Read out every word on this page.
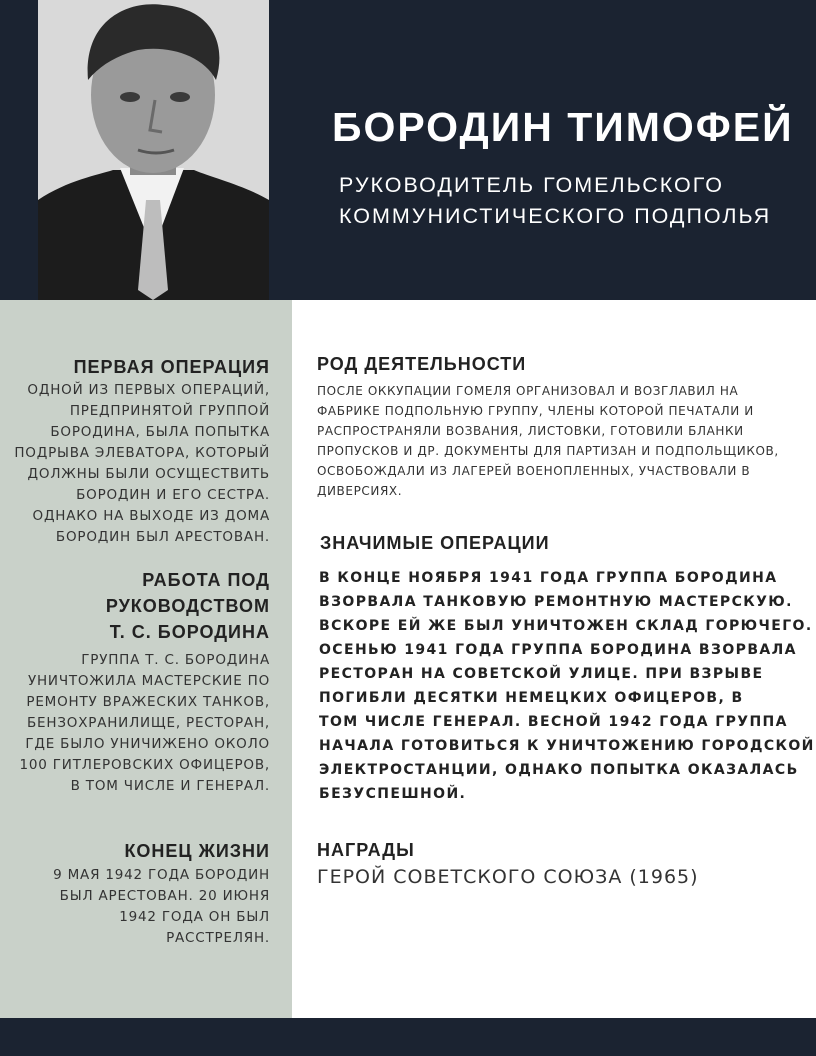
БОРОДИН ТИМОФЕЙ

РУКОВОДИТЕЛЬ ГОМЕЛЬСКОГО
КОММУНИСТИЧЕСКОГО ПОДПОЛЬЯ

ПЕРВАЯ ОПЕРАЦИЯ

ОДНОЙ ИЗ ПЕРВЫХ ОПЕРАЦИЙ,
ПРЕДПРИНЯТОЙ ГРУППОЙ
БОРОДИНА, БЫЛА ПОПЫТКА
ПОДРЫВА ЭЛЕВАТОРА, КОТОРЫЙ
ДОЛЖНЫ БЫЛИ ОСУЩЕСТВИТЬ
БОРОДИН И ЕГО СЕСТРА.
ОДНАКО НА ВЫХОДЕ ИЗ ДОМА
БОРОДИН БЫЛ АРЕСТОВАН.

РАБОТА ПОД
РУКОВОДСТВОМ
Т. С. БОРОДИНА

ГРУППА Т. С. БОРОДИНА
УНИЧТОЖИЛА МАСТЕРСКИЕ ПО
РЕМОНТУ ВРАЖЕСКИХ ТАНКОВ,
БЕНЗОХРАНИЛИЩЕ, РЕСТОРАН,
ГДЕ БЫЛО УНИЧИЖЕНО ОКОЛО
100 ГИТЛЕРОВСКИХ ОФИЦЕРОВ,
В ТОМ ЧИСЛЕ И ГЕНЕРАЛ.

КОНЕЦ ЖИЗНИ

9 МАЯ 1942 ГОДА БОРОДИН
БЫЛ АРЕСТОВАН. 20 ИЮНЯ
1942 ГОДА ОН БЫЛ
РАССТРЕЛЯН.

РОД ДЕЯТЕЛЬНОСТИ

ПОСЛЕ ОККУПАЦИИ ГОМЕЛЯ ОРГАНИЗОВАЛ И ВОЗГЛАВИЛ НА
ФАБРИКЕ ПОДПОЛЬНУЮ ГРУППУ, ЧЛЕНЫ КОТОРОЙ ПЕЧАТАЛИ И
РАСПРОСТРАНЯЛИ ВОЗВАНИЯ, ЛИСТОВКИ, ГОТОВИЛИ БЛАНКИ
ПРОПУСКОВ И ДР. ДОКУМЕНТЫ ДЛЯ ПАРТИЗАН И ПОДПОЛЬЩИКОВ,
ОСВОБОЖДАЛИ ИЗ ЛАГЕРЕЙ ВОЕНОПЛЕННЫХ, УЧАСТВОВАЛИ В
ДИВЕРСИЯХ.

ЗНАЧИМЫЕ ОПЕРАЦИИ

В КОНЦЕ НОЯБРЯ 1941 ГОДА ГРУППА БОРОДИНА
ВЗОРВАЛА ТАНКОВУЮ РЕМОНТНУЮ МАСТЕРСКУЮ.
ВСКОРЕ ЕЙ ЖЕ БЫЛ УНИЧТОЖЕН СКЛАД ГОРЮЧЕГО.
ОСЕНЬЮ 1941 ГОДА ГРУППА БОРОДИНА ВЗОРВАЛА
РЕСТОРАН НА СОВЕТСКОЙ УЛИЦЕ. ПРИ ВЗРЫВЕ
ПОГИБЛИ ДЕСЯТКИ НЕМЕЦКИХ ОФИЦЕРОВ, В
ТОМ ЧИСЛЕ ГЕНЕРАЛ. ВЕСНОЙ 1942 ГОДА ГРУППА
НАЧАЛА ГОТОВИТЬСЯ К УНИЧТОЖЕНИЮ ГОРОДСКОЙ
ЭЛЕКТРОСТАНЦИИ, ОДНАКО ПОПЫТКА ОКАЗАЛАСЬ
БЕЗУСПЕШНОЙ.

НАГРАДЫ

ГЕРОЙ СОВЕТСКОГО СОЮЗА (1965)
